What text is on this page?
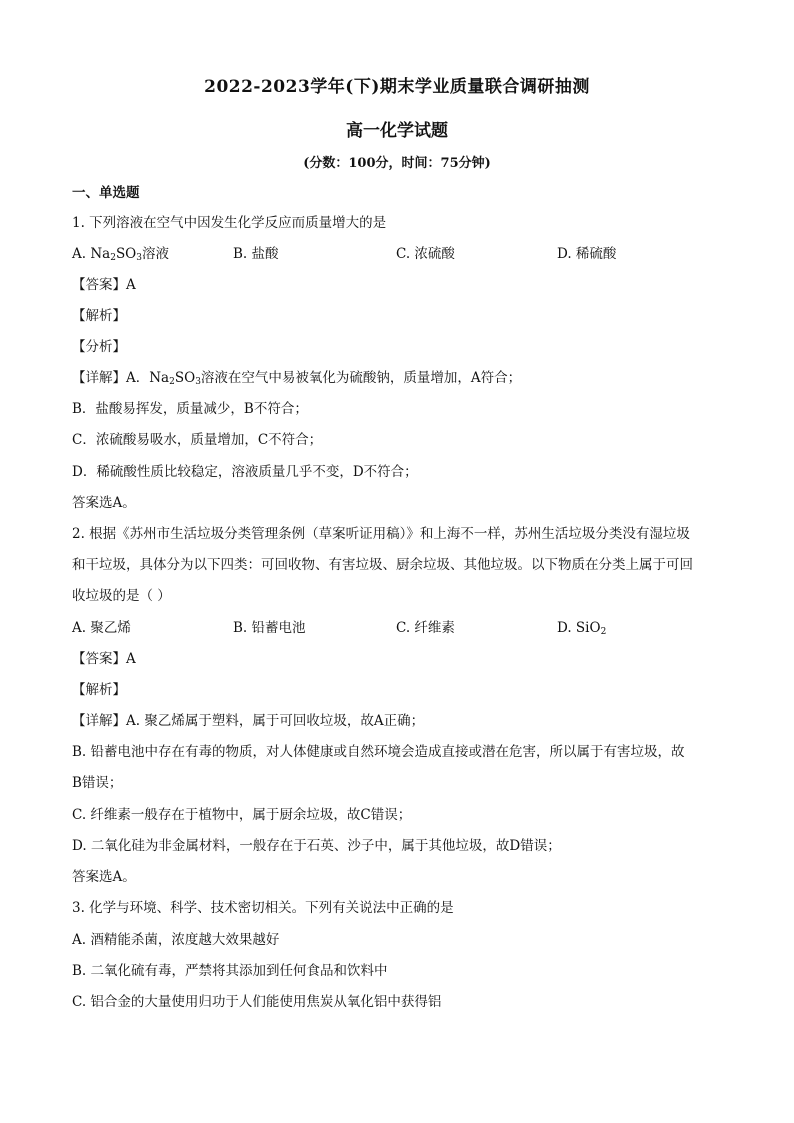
2022-2023学年(下)期末学业质量联合调研抽测
高一化学试题
(分数：100分，时间：75分钟)
一、单选题
1. 下列溶液在空气中因发生化学反应而质量增大的是
A. $Na_2SO_3$溶液	B. 盐酸	C. 浓硫酸	D. 稀硫酸
【答案】A
【解析】
【分析】
【详解】A．$Na_2SO_3$溶液在空气中易被氧化为硫酸钠，质量增加，A符合；
B．盐酸易挥发，质量减少，B不符合；
C．浓硫酸易吸水，质量增加，C不符合；
D．稀硫酸性质比较稳定，溶液质量几乎不变，D不符合；
答案选A。
2. 根据《苏州市生活垃圾分类管理条例（草案听证用稿）》和上海不一样，苏州生活垃圾分类没有湿垃圾
和干垃圾，具体分为以下四类：可回收物、有害垃圾、厨余垃圾、其他垃圾。以下物质在分类上属于可回
收垃圾的是（ ）
A. 聚乙烯	B. 铅蓄电池	C. 纤维素	D. SiO$_2$
【答案】A
【解析】
【详解】A. 聚乙烯属于塑料，属于可回收垃圾，故A正确；
B. 铅蓄电池中存在有毒的物质，对人体健康或自然环境会造成直接或潜在危害，所以属于有害垃圾，故
B错误；
C. 纤维素一般存在于植物中，属于厨余垃圾，故C错误；
D. 二氧化硅为非金属材料，一般存在于石英、沙子中，属于其他垃圾，故D错误；
答案选A。
3. 化学与环境、科学、技术密切相关。下列有关说法中正确的是
A. 酒精能杀菌，浓度越大效果越好
B. 二氧化硫有毒，严禁将其添加到任何食品和饮料中
C. 铝合金的大量使用归功于人们能使用焦炭从氧化铝中获得铝
